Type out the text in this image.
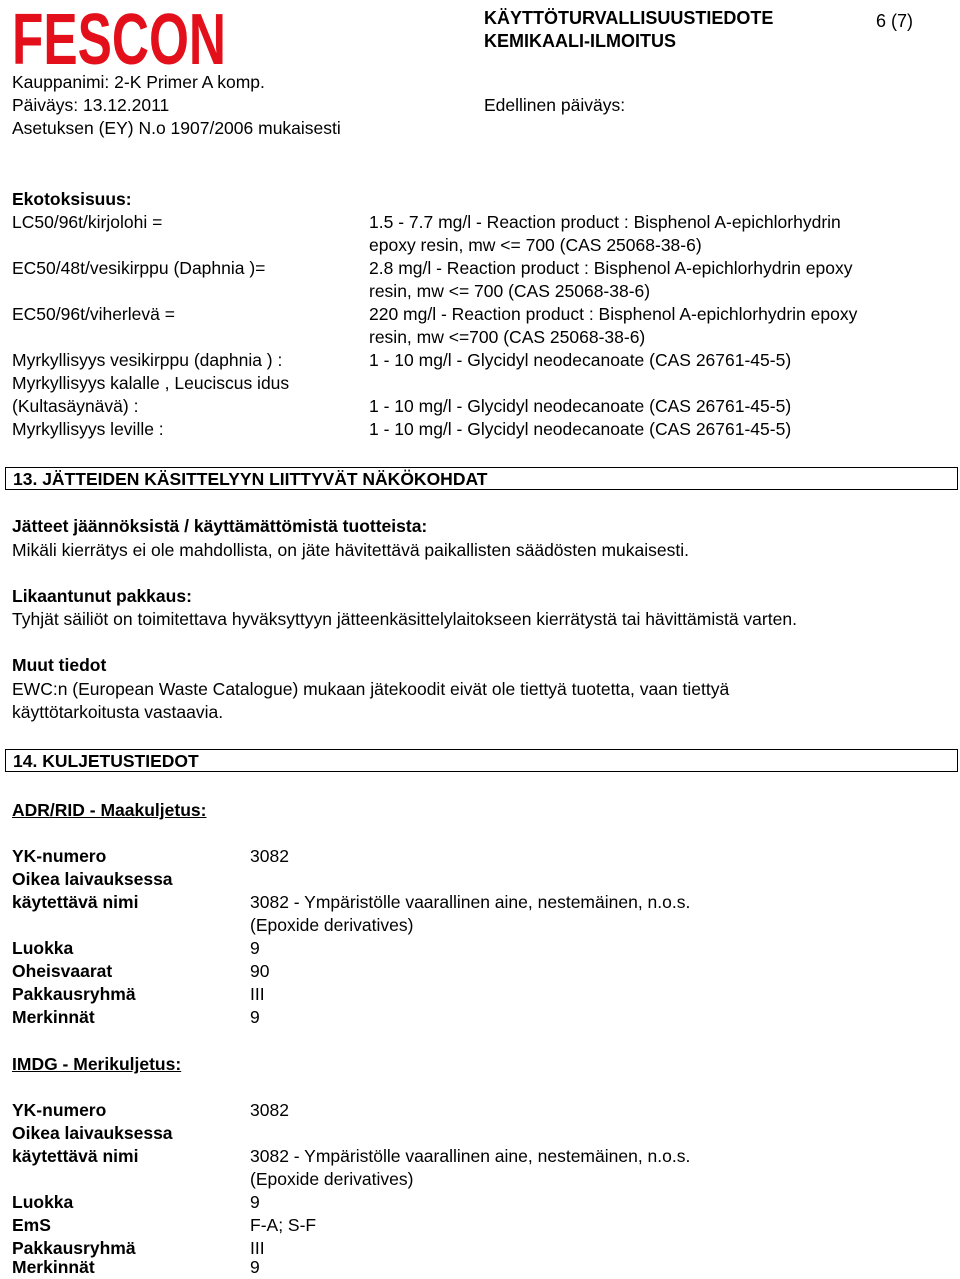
FESCON	KÄYTTÖTURVALLISUUSTIEDOTE
KEMIKAALI-ILMOITUS
6 (7)
Kauppanimi: 2-K Primer A komp.
Päiväys: 13.12.2011	Edellinen päiväys:
Asetuksen (EY) N.o 1907/2006 mukaisesti
Ekotoksisuus:
LC50/96t/kirjolohi =	1.5 - 7.7 mg/l - Reaction product : Bisphenol A-epichlorhydrin
epoxy resin, mw <= 700 (CAS 25068-38-6)
EC50/48t/vesikirppu (Daphnia )=	2.8 mg/l - Reaction product : Bisphenol A-epichlorhydrin epoxy
resin, mw <= 700 (CAS 25068-38-6)
EC50/96t/viherlevä =	220 mg/l - Reaction product : Bisphenol A-epichlorhydrin epoxy
resin, mw <=700 (CAS 25068-38-6)
Myrkyllisyys vesikirppu (daphnia ) :	1 - 10 mg/l - Glycidyl neodecanoate (CAS 26761-45-5)
Myrkyllisyys kalalle , Leuciscus idus
(Kultasäynävä) :	1 - 10 mg/l - Glycidyl neodecanoate (CAS 26761-45-5)
Myrkyllisyys leville :	1 - 10 mg/l - Glycidyl neodecanoate (CAS 26761-45-5)
13. JÄTTEIDEN KÄSITTELYYN LIITTYVÄT NÄKÖKOHDAT
Jätteet jäännöksistä / käyttämättömistä tuotteista:
Mikäli kierrätys ei ole mahdollista, on jäte hävitettävä paikallisten säädösten mukaisesti.
Likaantunut pakkaus:
Tyhjät säiliöt on toimitettava hyväksyttyyn jätteenkäsittelylaitokseen kierrätystä tai hävittämistä varten.
Muut tiedot
EWC:n (European Waste Catalogue) mukaan jätekoodit eivät ole tiettyä tuotetta, vaan tiettyä
käyttötarkoitusta vastaavia.
14. KULJETUSTIEDOT
ADR/RID - Maakuljetus:
YK-numero	3082
Oikea laivauksessa
käytettävä nimi	3082 - Ympäristölle vaarallinen aine, nestemäinen, n.o.s.
(Epoxide derivatives)
Luokka	9
Oheisvaarat	90
Pakkausryhmä	III
Merkinnät	9
IMDG - Merikuljetus:
YK-numero	3082
Oikea laivauksessa
käytettävä nimi	3082 - Ympäristölle vaarallinen aine, nestemäinen, n.o.s.
(Epoxide derivatives)
Luokka	9
EmS	F-A; S-F
Pakkausryhmä	III
Merkinnät	9
